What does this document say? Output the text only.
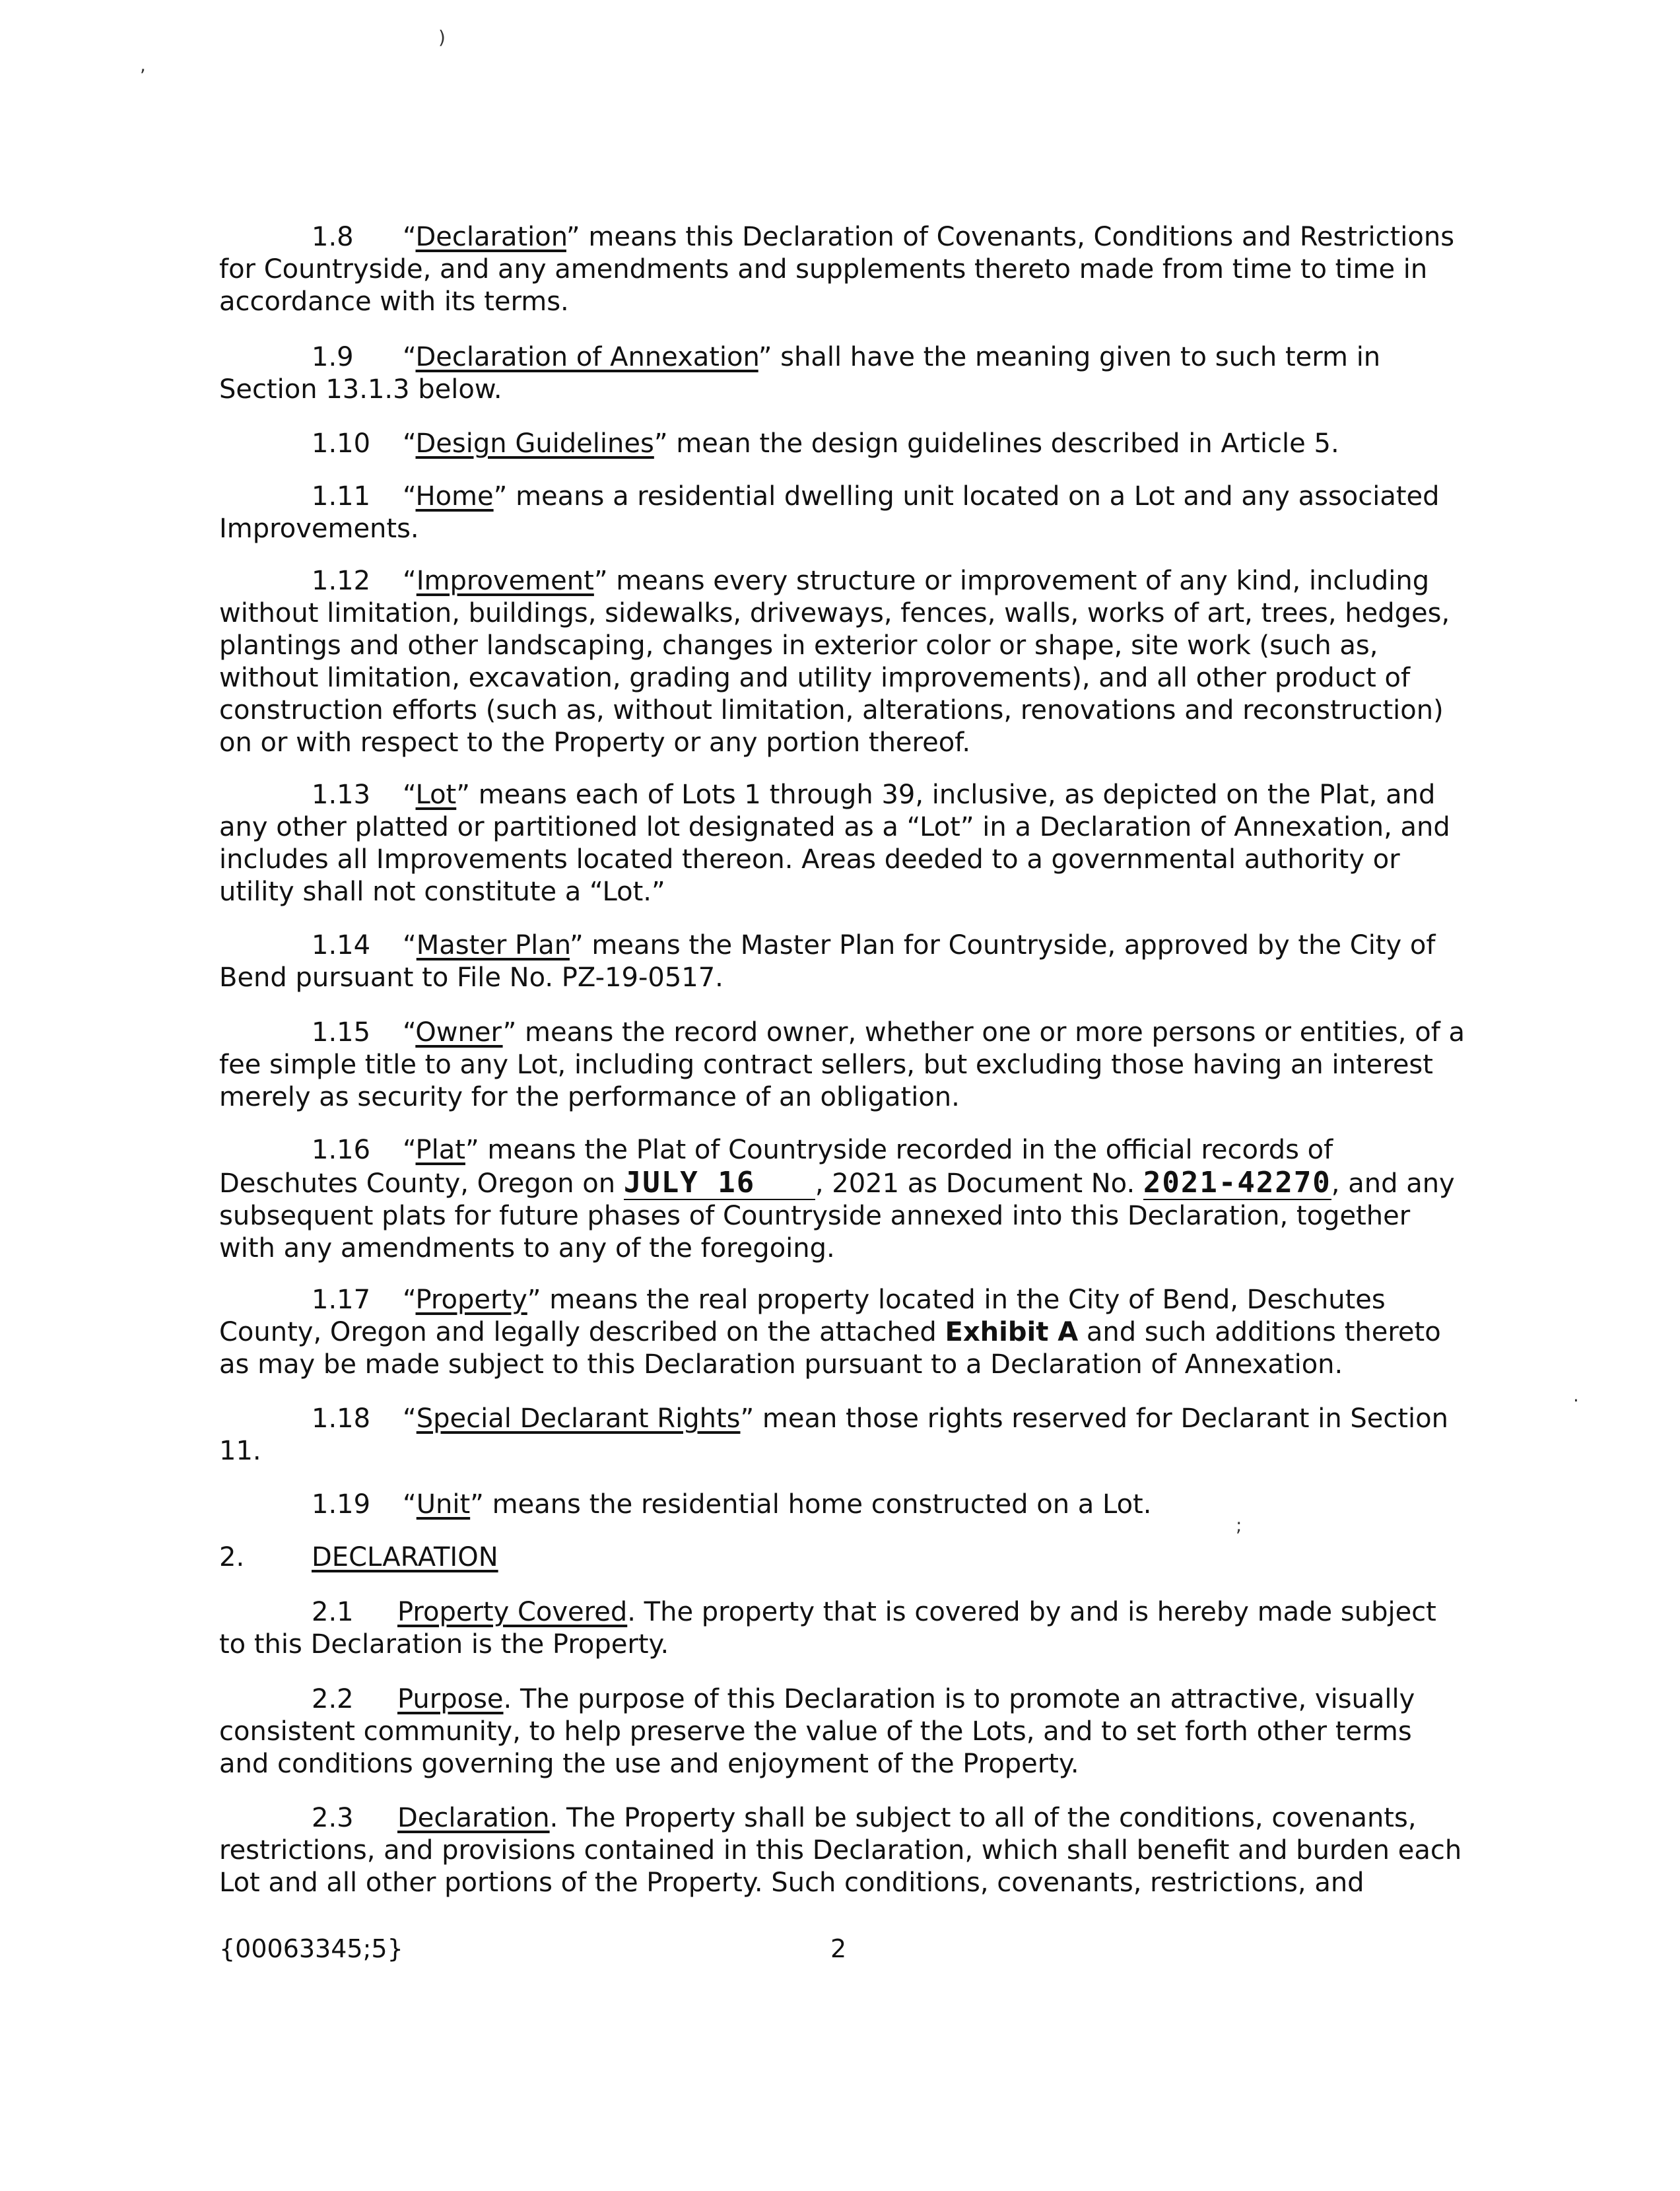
)
,

1.8 “Declaration” means this Declaration of Covenants, Conditions and Restrictions for Countryside, and any amendments and supplements thereto made from time to time in accordance with its terms.

1.9 “Declaration of Annexation” shall have the meaning given to such term in Section 13.1.3 below.

1.10 “Design Guidelines” mean the design guidelines described in Article 5.

1.11 “Home” means a residential dwelling unit located on a Lot and any associated Improvements.

1.12 “Improvement” means every structure or improvement of any kind, including without limitation, buildings, sidewalks, driveways, fences, walls, works of art, trees, hedges, plantings and other landscaping, changes in exterior color or shape, site work (such as, without limitation, excavation, grading and utility improvements), and all other product of construction efforts (such as, without limitation, alterations, renovations and reconstruction) on or with respect to the Property or any portion thereof.

1.13 “Lot” means each of Lots 1 through 39, inclusive, as depicted on the Plat, and any other platted or partitioned lot designated as a “Lot” in a Declaration of Annexation, and includes all Improvements located thereon. Areas deeded to a governmental authority or utility shall not constitute a “Lot.”

1.14 “Master Plan” means the Master Plan for Countryside, approved by the City of Bend pursuant to File No. PZ-19-0517.

1.15 “Owner” means the record owner, whether one or more persons or entities, of a fee simple title to any Lot, including contract sellers, but excluding those having an interest merely as security for the performance of an obligation.

1.16 “Plat” means the Plat of Countryside recorded in the official records of Deschutes County, Oregon on JULY 16 , 2021 as Document No. 2021-42270, and any subsequent plats for future phases of Countryside annexed into this Declaration, together with any amendments to any of the foregoing.

1.17 “Property” means the real property located in the City of Bend, Deschutes County, Oregon and legally described on the attached Exhibit A and such additions thereto as may be made subject to this Declaration pursuant to a Declaration of Annexation.

1.18 “Special Declarant Rights” mean those rights reserved for Declarant in Section

11.

1.19 “Unit” means the residential home constructed on a Lot.

;
·

2.	DECLARATION

2.1 Property Covered. The property that is covered by and is hereby made subject to this Declaration is the Property.

2.2 Purpose. The purpose of this Declaration is to promote an attractive, visually consistent community, to help preserve the value of the Lots, and to set forth other terms and conditions governing the use and enjoyment of the Property.

2.3 Declaration. The Property shall be subject to all of the conditions, covenants, restrictions, and provisions contained in this Declaration, which shall benefit and burden each Lot and all other portions of the Property. Such conditions, covenants, restrictions, and

{00063345;5}	2
